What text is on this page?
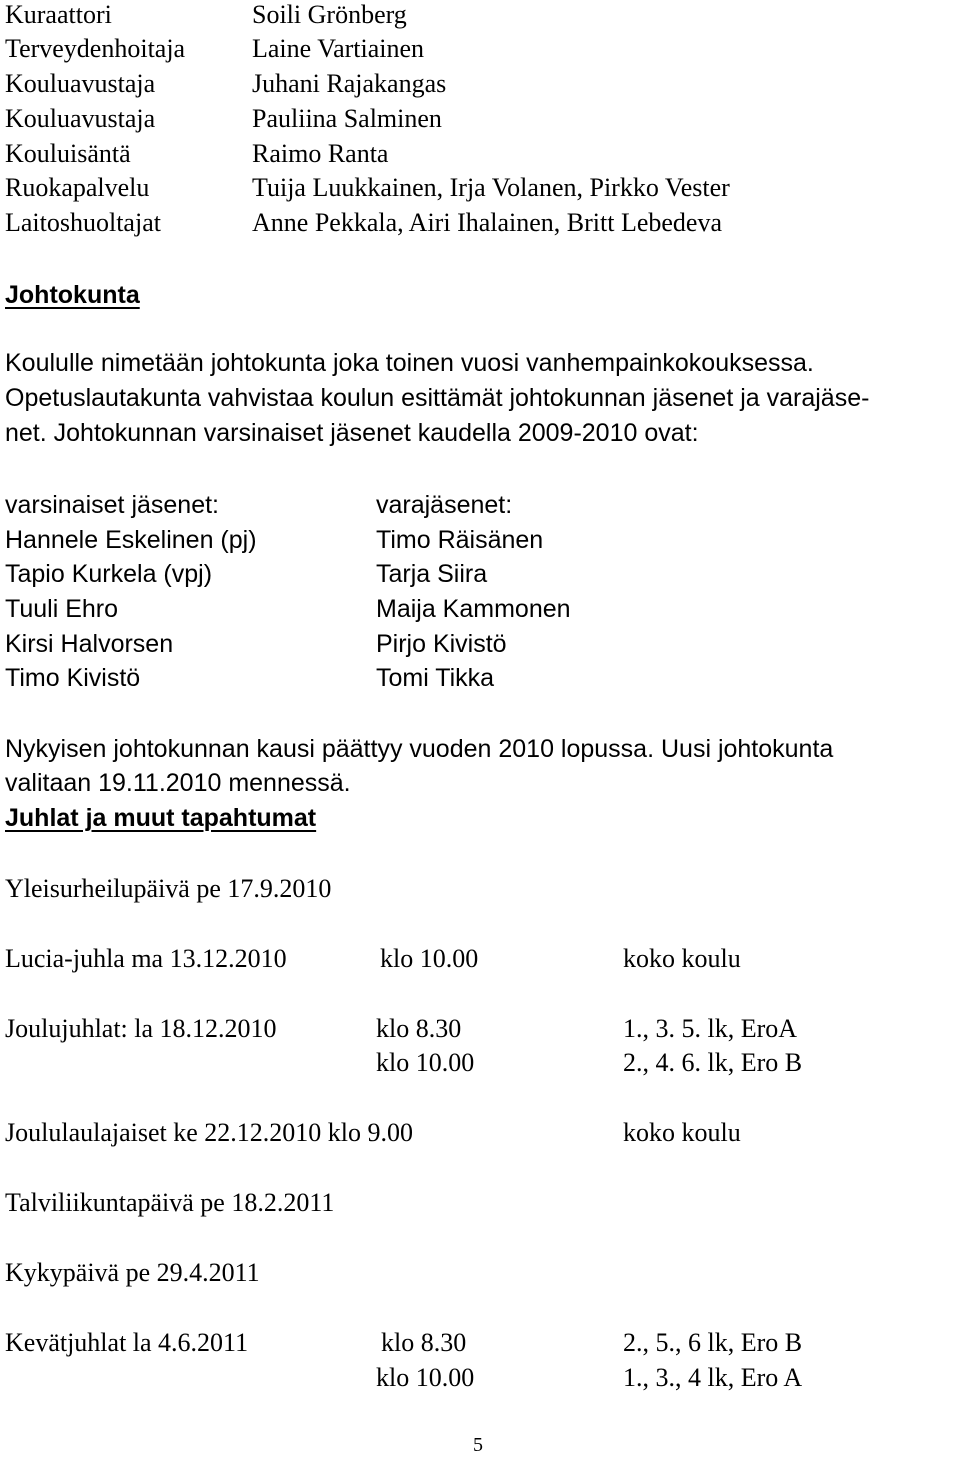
Kuraattori	Soili Grönberg
Terveydenhoitaja	Laine Vartiainen
Kouluavustaja	Juhani Rajakangas
Kouluavustaja	Pauliina Salminen
Kouluisäntä	Raimo Ranta
Ruokapalvelu	Tuija Luukkainen, Irja Volanen, Pirkko Vester
Laitoshuoltajat	Anne Pekkala, Airi Ihalainen, Britt Lebedeva
Johtokunta
Koululle nimetään johtokunta joka toinen vuosi vanhempainkokouksessa.
Opetuslautakunta vahvistaa koulun esittämät johtokunnan jäsenet ja varajäse-
net. Johtokunnan varsinaiset jäsenet kaudella 2009-2010 ovat:
varsinaiset jäsenet:	varajäsenet:
Hannele Eskelinen (pj)	Timo Räisänen
Tapio Kurkela (vpj)	Tarja Siira
Tuuli Ehro	Maija Kammonen
Kirsi Halvorsen	Pirjo Kivistö
Timo Kivistö	Tomi Tikka
Nykyisen johtokunnan kausi päättyy vuoden 2010 lopussa. Uusi johtokunta
valitaan 19.11.2010 mennessä.
Juhlat ja muut tapahtumat
Yleisurheilupäivä pe 17.9.2010
Lucia-juhla ma 13.12.2010	klo 10.00	koko koulu
Joulujuhlat: la 18.12.2010	klo 8.30	1., 3. 5. lk, EroA
klo 10.00	2., 4. 6. lk, Ero B
Joululaulajaiset ke 22.12.2010 klo 9.00	koko koulu
Talviliikuntapäivä pe 18.2.2011
Kykypäivä pe 29.4.2011
Kevätjuhlat la 4.6.2011	klo 8.30	2., 5., 6 lk, Ero B
klo 10.00	1., 3., 4 lk, Ero A
5
